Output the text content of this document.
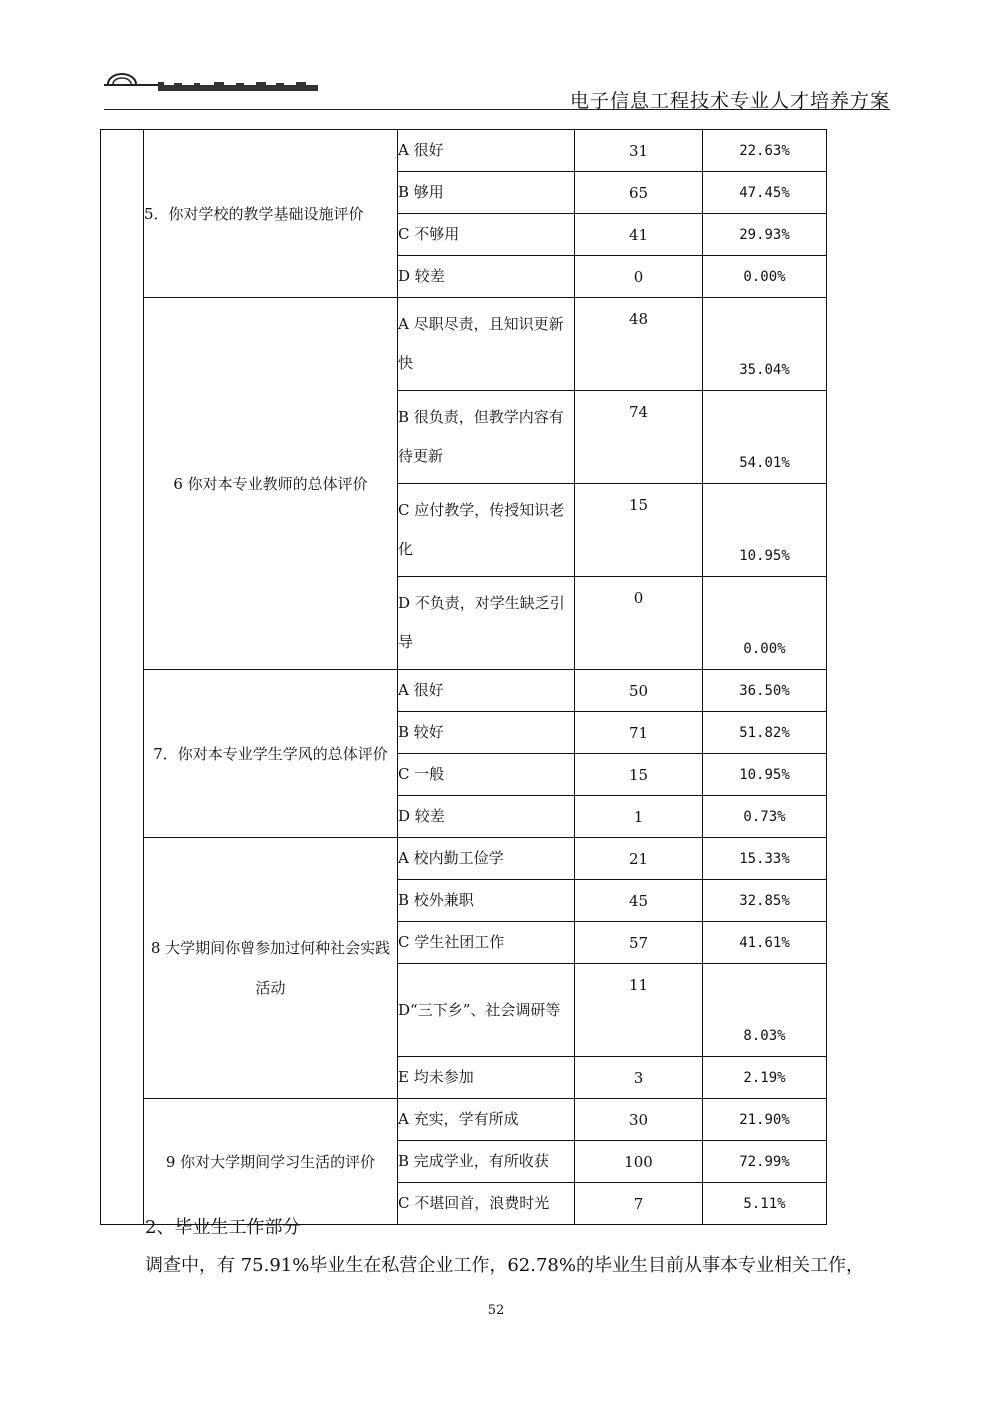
电子信息工程技术专业人才培养方案
	5．你对学校的教学基础设施评价	A 很好	31	22.63%
		B 够用	65	47.45%
		C 不够用	41	29.93%
		D 较差	0	0.00%
	6 你对本专业教师的总体评价	A 尽职尽责，且知识更新快	48	35.04%
		B 很负责，但教学内容有待更新	74	54.01%
		C 应付教学，传授知识老化	15	10.95%
		D 不负责，对学生缺乏引导	0	0.00%
	7．你对本专业学生学风的总体评价	A 很好	50	36.50%
		B 较好	71	51.82%
		C 一般	15	10.95%
		D 较差	1	0.73%
	8 大学期间你曾参加过何种社会实践活动	A 校内勤工俭学	21	15.33%
		B 校外兼职	45	32.85%
		C 学生社团工作	57	41.61%
		D“三下乡”、社会调研等	11	8.03%
		E 均未参加	3	2.19%
	9 你对大学期间学习生活的评价	A 充实，学有所成	30	21.90%
		B 完成学业，有所收获	100	72.99%
		C 不堪回首，浪费时光	7	5.11%
2、毕业生工作部分
调查中，有 75.91%毕业生在私营企业工作，62.78%的毕业生目前从事本专业相关工作，
52
